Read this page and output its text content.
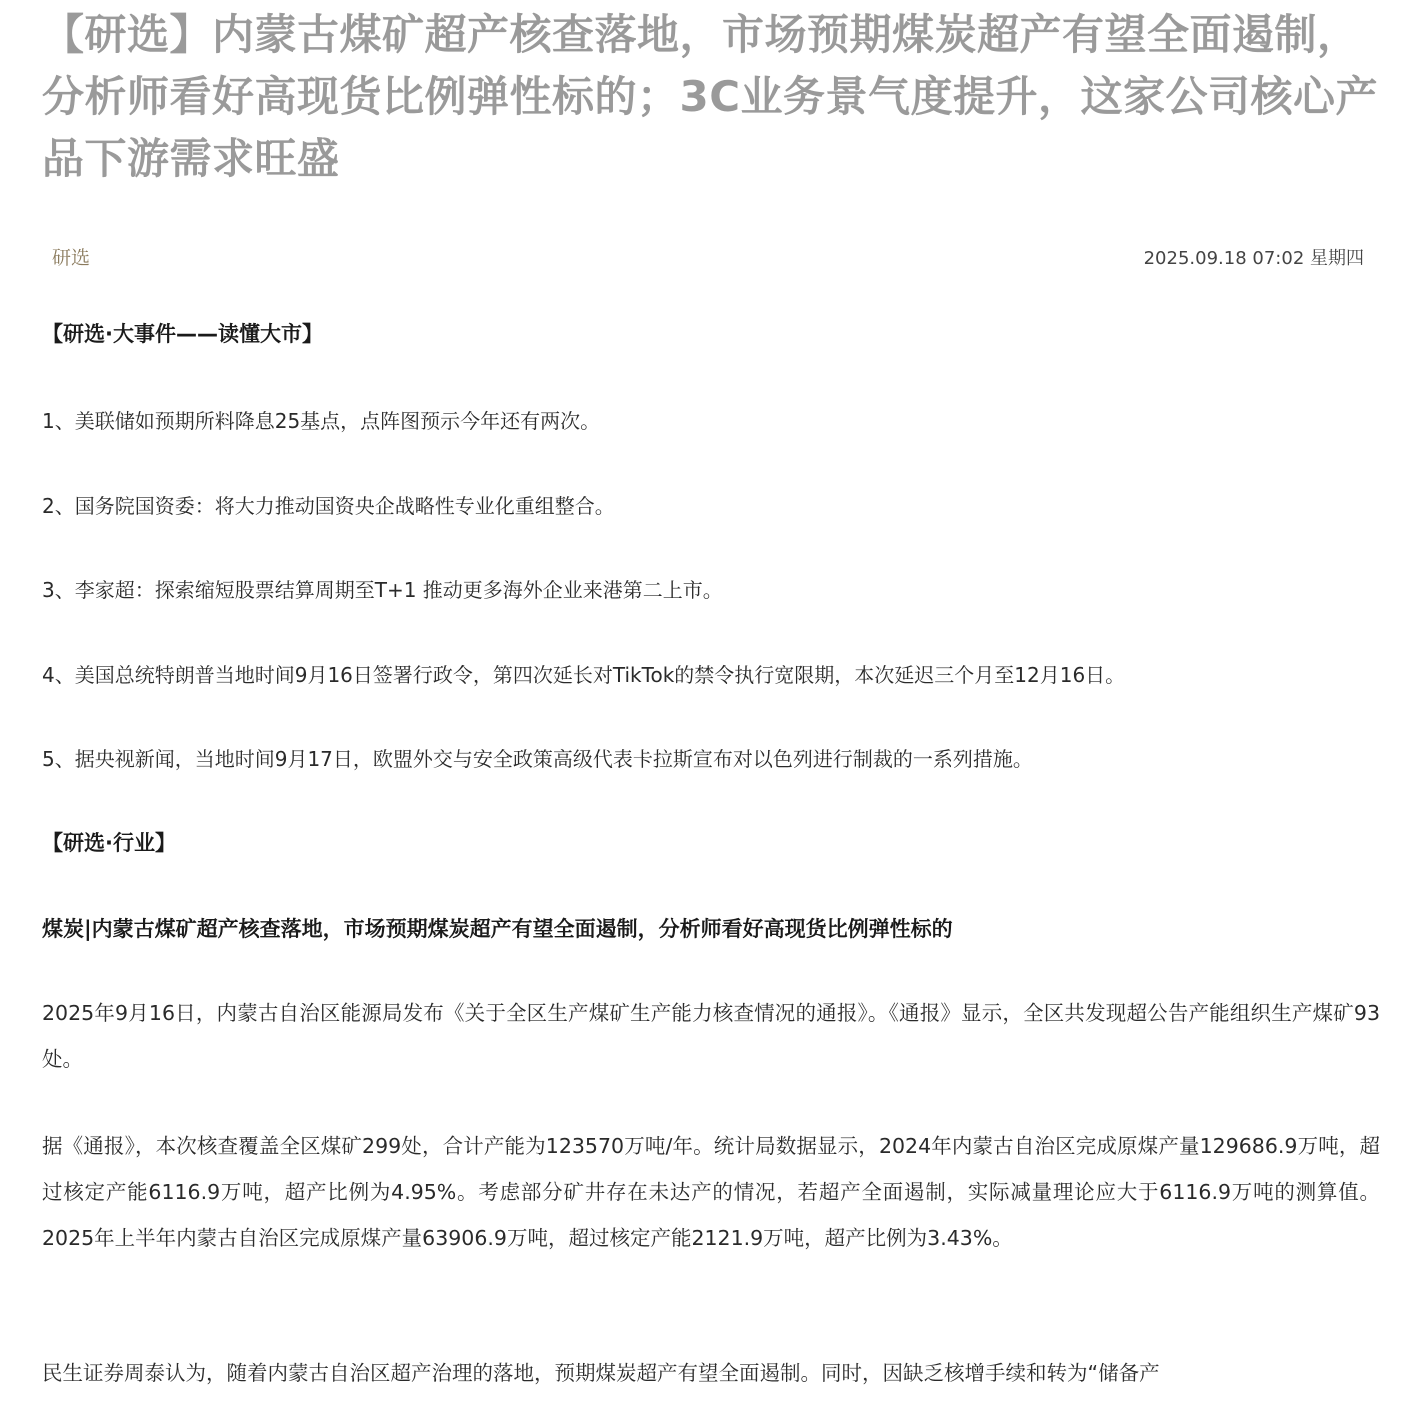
【研选】内蒙古煤矿超产核查落地，市场预期煤炭超产有望全面遏制，分析师看好高现货比例弹性标的；3C业务景气度提升，这家公司核心产品下游需求旺盛
研选	2025.09.18 07:02 星期四
【研选·大事件——读懂大市】
1、美联储如预期所料降息25基点，点阵图预示今年还有两次。
2、国务院国资委：将大力推动国资央企战略性专业化重组整合。
3、李家超：探索缩短股票结算周期至T+1 推动更多海外企业来港第二上市。
4、美国总统特朗普当地时间9月16日签署行政令，第四次延长对TikTok的禁令执行宽限期，本次延迟三个月至12月16日。
5、据央视新闻，当地时间9月17日，欧盟外交与安全政策高级代表卡拉斯宣布对以色列进行制裁的一系列措施。
【研选·行业】
煤炭|内蒙古煤矿超产核查落地，市场预期煤炭超产有望全面遏制，分析师看好高现货比例弹性标的

2025年9月16日，内蒙古自治区能源局发布《关于全区生产煤矿生产能力核查情况的通报》。《通报》显示，全区共发现超公告产能组织生产煤矿93处。

据《通报》，本次核查覆盖全区煤矿299处，合计产能为123570万吨/年。统计局数据显示，2024年内蒙古自治区完成原煤产量129686.9万吨，超过核定产能6116.9万吨，超产比例为4.95%。考虑部分矿井存在未达产的情况，若超产全面遏制，实际减量理论应大于6116.9万吨的测算值。2025年上半年内蒙古自治区完成原煤产量63906.9万吨，超过核定产能2121.9万吨，超产比例为3.43%。

民生证券周泰认为，随着内蒙古自治区超产治理的落地，预期煤炭超产有望全面遏制。同时，因缺乏核增手续和转为“储备产
